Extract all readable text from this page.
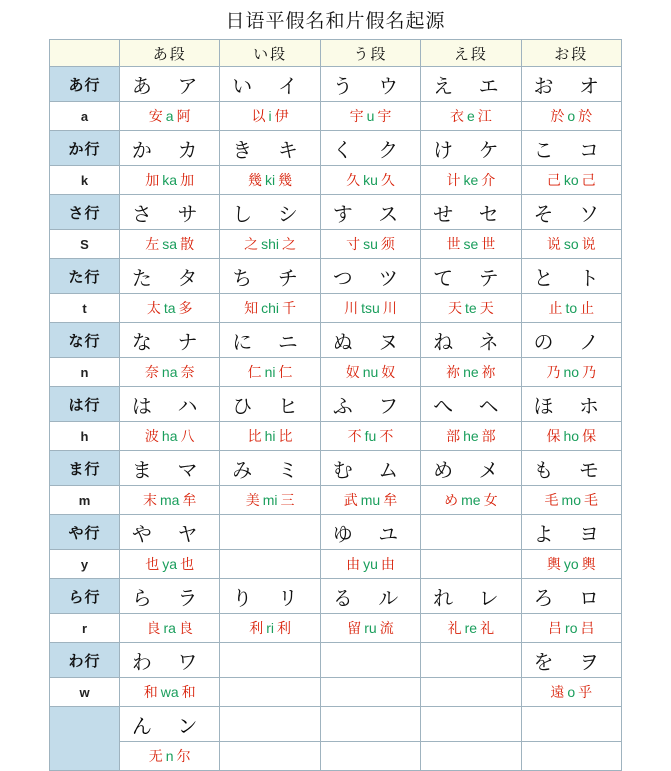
日语平假名和片假名起源
	あ段	い段	う段	え段	お段
あ行	あ ア	い イ	う ウ	え エ	お オ
a	安 a 阿	以 i 伊	宇 u 宇	衣 e 江	於 o 於
か行	か カ	き キ	く ク	け ケ	こ コ
k	加 ka 加	幾 ki 幾	久 ku 久	计 ke 介	己 ko 己
さ行	さ サ	し シ	す ス	せ セ	そ ソ
S	左 sa 散	之 shi 之	寸 su 须	世 se 世	说 so 说
た行	た タ	ち チ	つ ツ	て テ	と ト
t	太 ta 多	知 chi 千	川 tsu 川	天 te 天	止 to 止
な行	な ナ	に ニ	ぬ ヌ	ね ネ	の ノ
n	奈 na 奈	仁 ni 仁	奴 nu 奴	祢 ne 祢	乃 no 乃
は行	は ハ	ひ ヒ	ふ フ	へ ヘ	ほ ホ
h	波 ha 八	比 hi 比	不 fu 不	部 he 部	保 ho 保
ま行	ま マ	み ミ	む ム	め メ	も モ
m	末 ma 牟	美 mi 三	武 mu 牟	め me 女	毛 mo 毛
や行	や ヤ		ゆ ユ		よ ヨ
y	也 ya 也		由 yu 由		輿 yo 輿
ら行	ら ラ	り リ	る ル	れ レ	ろ ロ
r	良 ra 良	利 ri 利	留 ru 流	礼 re 礼	吕 ro 吕
わ行	わ ワ				を ヲ
w	和 wa 和				遠 o 乎
	ん ン				
	无 n 尔				
